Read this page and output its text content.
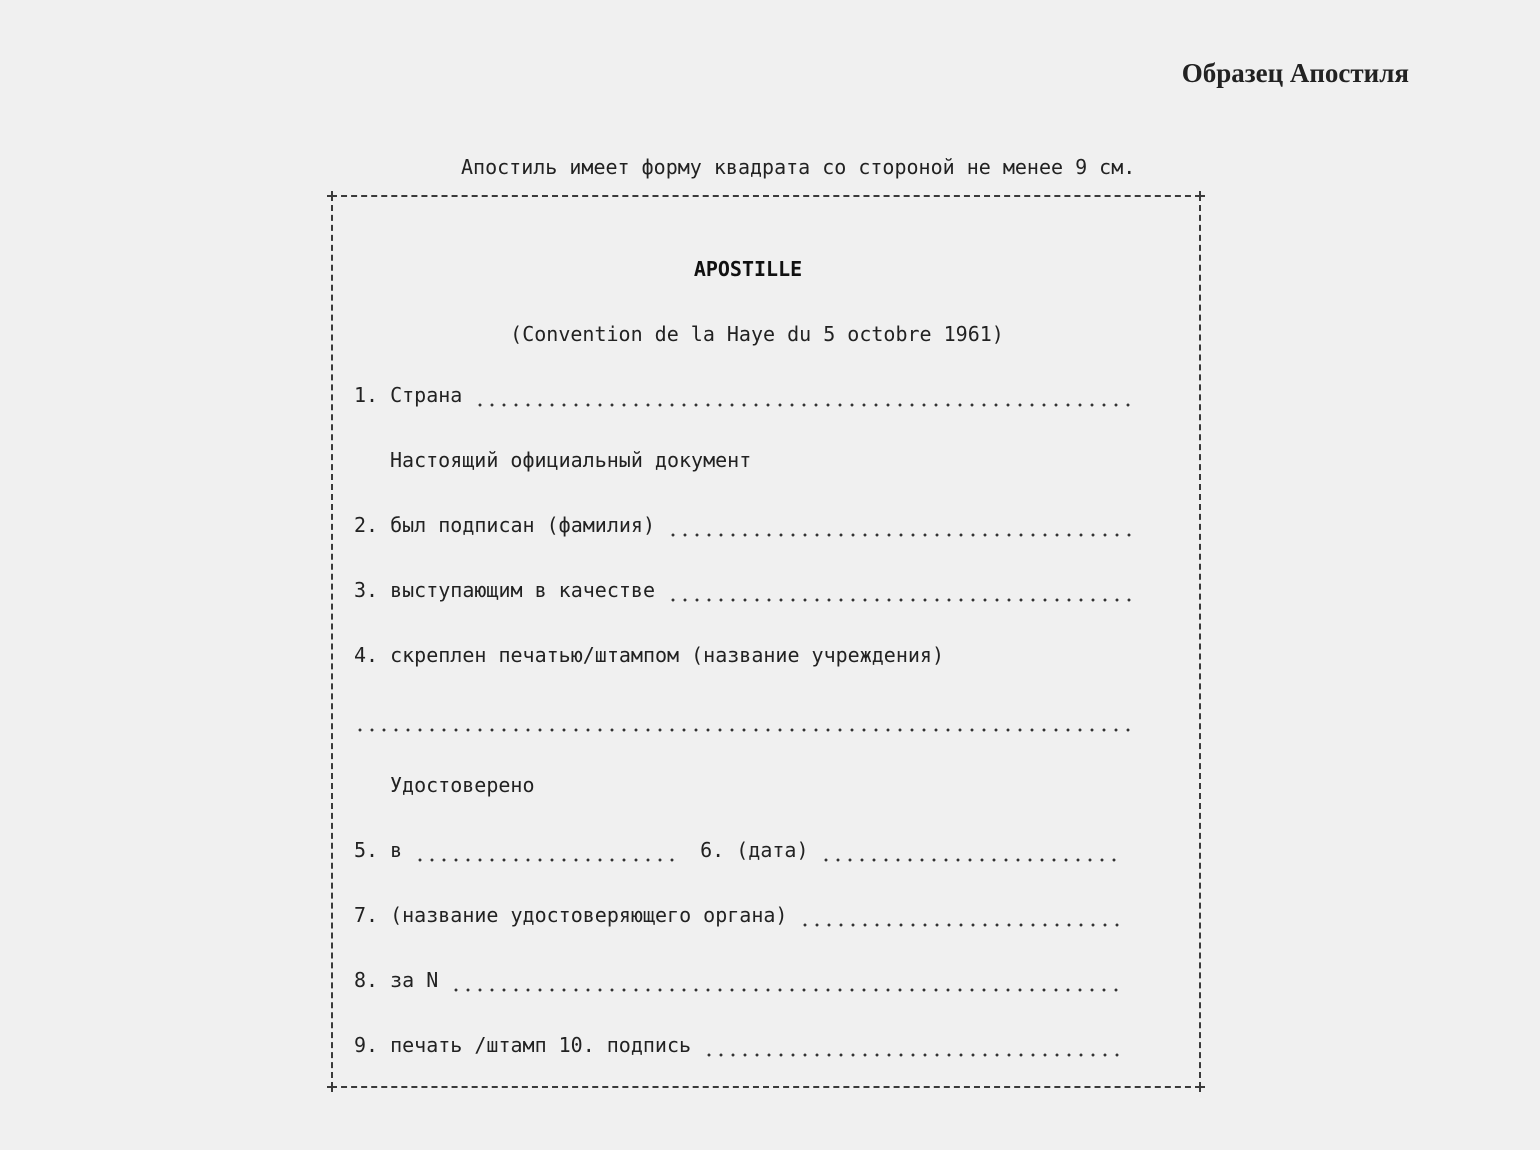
Образец Апостиля

Апостиль имеет форму квадрата со стороной не менее 9 см.

APOSTILLE
(Convention de la Haye du 5 octobre 1961)
1. Страна
Настоящий официальный документ
2. был подписан (фамилия)
3. выступающим в качестве
4. скреплен печатью/штампом (название учреждения)
Удостоверено
5. в	6. (дата)
7. (название удостоверяющего органа)
8. за N
9. печать /штамп 10. подпись
